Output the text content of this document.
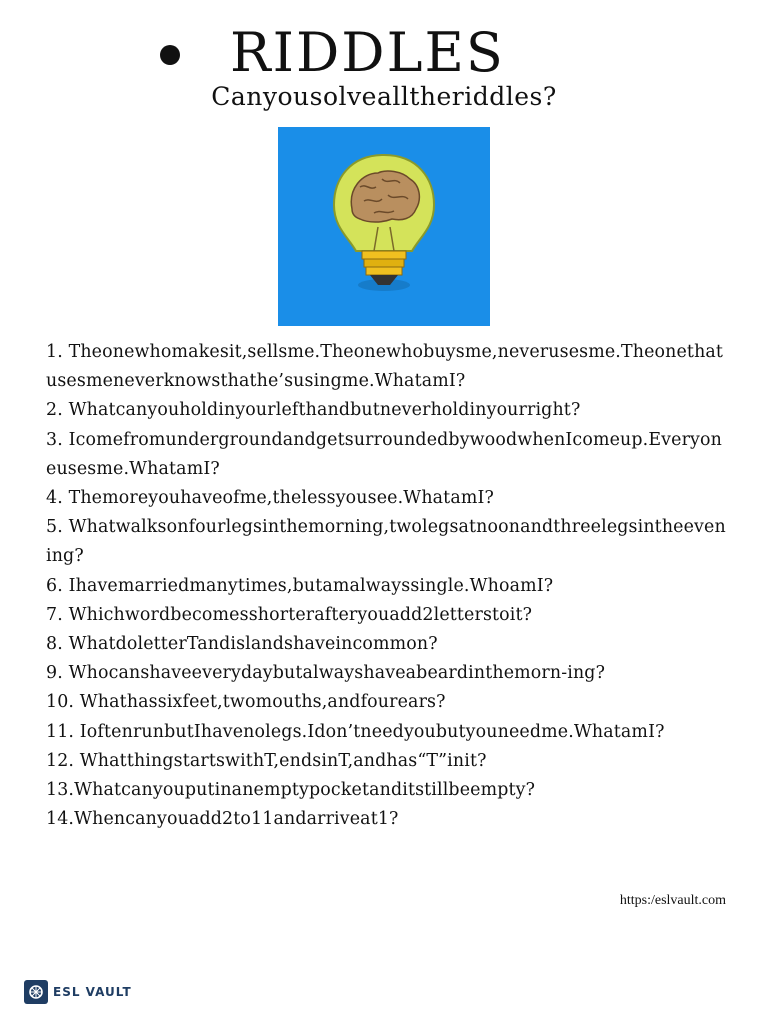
RIDDLES
Canyousolvealltheriddles?
1. Theonewhomakesit,sellsme.Theonewhobuysme,neverusesme.Theonethatusesmeneverknowsthathe’susingme.WhatamI?
2. Whatcanyouholdinyourlefthandbutneverholdinyourright?
3. IcomefromundergroundandgetsurroundedbywoodwhenIcomeup.Everyoneusesme.WhatamI?
4. Themoreyouhaveofme,thelessyousee.WhatamI?
5. Whatwalksonfourlegsinthemorning,twolegsatnoonandthreelegsintheevening?
6. Ihavemarriedmanytimes,butamalwayssingle.WhoamI?
7. Whichwordbecomesshorterafteryouadd2letterstoit?
8. WhatdoletterTandislandshaveincommon?
9. Whocanshaveeverydaybutalwayshaveabeardinthemorn-ing?
10. Whathassixfeet,twomouths,andfourears?
11. IoftenrunbutIhavenolegs.Idon’tneedyoubutyouneedme.WhatamI?
12. WhatthingstartswithT,endsinT,andhas“T”init?
13.Whatcanyouputinanemptypocketanditstillbeempty?
14.Whencanyouadd2to11andarriveat1?
https:/eslvault.com
ESL VAULT
